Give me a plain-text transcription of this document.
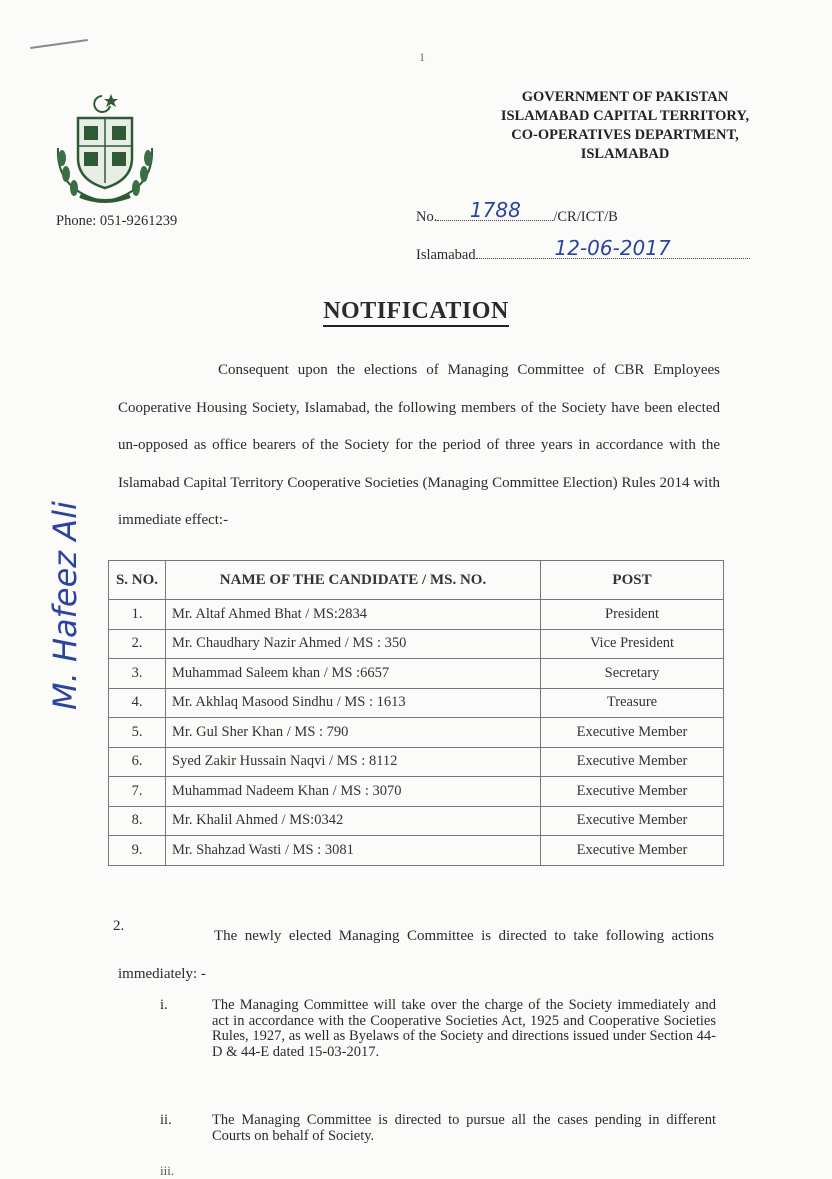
1
GOVERNMENT OF PAKISTAN
ISLAMABAD CAPITAL TERRITORY,
CO-OPERATIVES DEPARTMENT,
ISLAMABAD
Phone: 051-9261239	No.	1788	/CR/ICT/B
Islamabad	12-06-2017
NOTIFICATION
Consequent upon the elections of Managing Committee of CBR Employees Cooperative Housing Society, Islamabad, the following members of the Society have been elected un-opposed as office bearers of the Society for the period of three years in accordance with the Islamabad Capital Territory Cooperative Societies (Managing Committee Election) Rules 2014 with immediate effect:-
M. Hafeez Ali S. NO.	NAME OF THE CANDIDATE / MS. NO.	POST
1.	Mr. Altaf Ahmed Bhat / MS:2834	President
2.	Mr. Chaudhary Nazir Ahmed / MS : 350	Vice President
3.	Muhammad Saleem khan / MS :6657	Secretary
4.	Mr. Akhlaq Masood Sindhu / MS : 1613	Treasure
5.	Mr. Gul Sher Khan / MS : 790	Executive Member
6.	Syed Zakir Hussain Naqvi / MS : 8112	Executive Member
7.	Muhammad Nadeem Khan / MS : 3070	Executive Member
8.	Mr. Khalil Ahmed / MS:0342	Executive Member
9.	Mr. Shahzad Wasti / MS : 3081	Executive Member
2.
The newly elected Managing Committee is directed to take following actions immediately: -
i.	The Managing Committee will take over the charge of the Society immediately and act in accordance with the Cooperative Societies Act, 1925 and Cooperative Societies Rules, 1927, as well as Byelaws of the Society and directions issued under Section 44-D & 44-E dated 15-03-2017.
ii.	The Managing Committee is directed to pursue all the cases pending in different Courts on behalf of Society.
iii.
